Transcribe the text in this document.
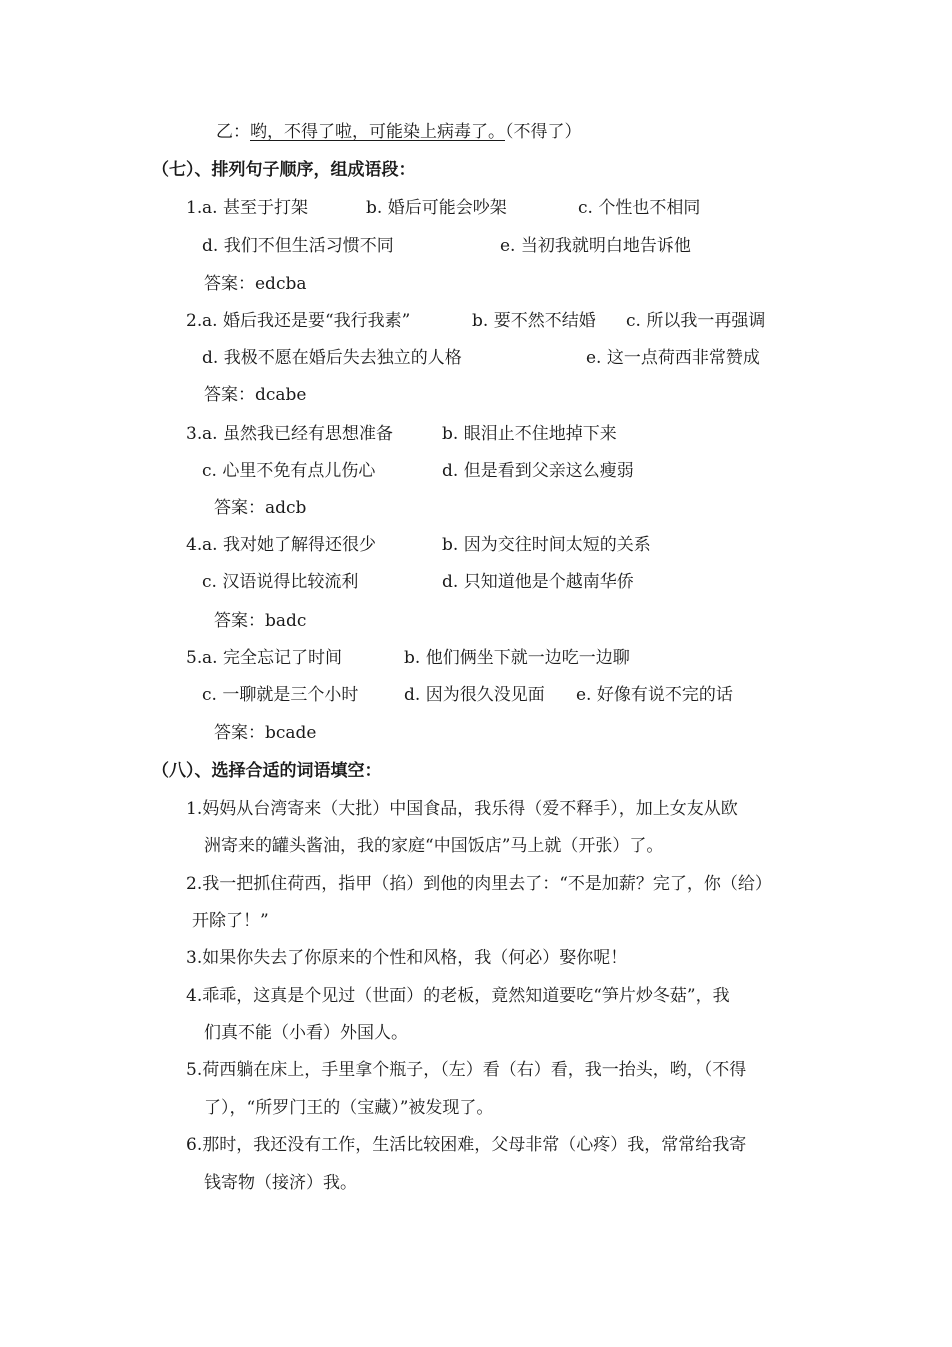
乙：哟，不得了啦，可能染上病毒了。（不得了）
（七）、排列句子顺序，组成语段：
1. a. 甚至于打架	b. 婚后可能会吵架	c. 个性也不相同
d. 我们不但生活习惯不同	e. 当初我就明白地告诉他
答案：edcba
2. a. 婚后我还是要“我行我素”	b. 要不然不结婚 c. 所以我一再强调
d. 我极不愿在婚后失去独立的人格	e. 这一点荷西非常赞成
答案：dcabe
3. a. 虽然我已经有思想准备	b. 眼泪止不住地掉下来
c. 心里不免有点儿伤心	d. 但是看到父亲这么瘦弱
答案：adcb
4. a. 我对她了解得还很少	b. 因为交往时间太短的关系
c. 汉语说得比较流利	d. 只知道他是个越南华侨
答案：badc
5. a. 完全忘记了时间	b. 他们俩坐下就一边吃一边聊
c. 一聊就是三个小时	d. 因为很久没见面 e. 好像有说不完的话
答案：bcade
（八）、选择合适的词语填空：
1.妈妈从台湾寄来（大批）中国食品，我乐得（爱不释手），加上女友从欧
洲寄来的罐头酱油，我的家庭“中国饭店”马上就（开张）了。
2.我一把抓住荷西，指甲（掐）到他的肉里去了：“不是加薪？完了，你（给）
开除了！”
3.如果你失去了你原来的个性和风格，我（何必）娶你呢！
4.乖乖，这真是个见过（世面）的老板，竟然知道要吃“笋片炒冬菇”，我
们真不能（小看）外国人。
5.荷西躺在床上，手里拿个瓶子，（左）看（右）看，我一抬头，哟，（不得
了），“所罗门王的（宝藏）”被发现了。
6.那时，我还没有工作，生活比较困难，父母非常（心疼）我，常常给我寄
钱寄物（接济）我。
